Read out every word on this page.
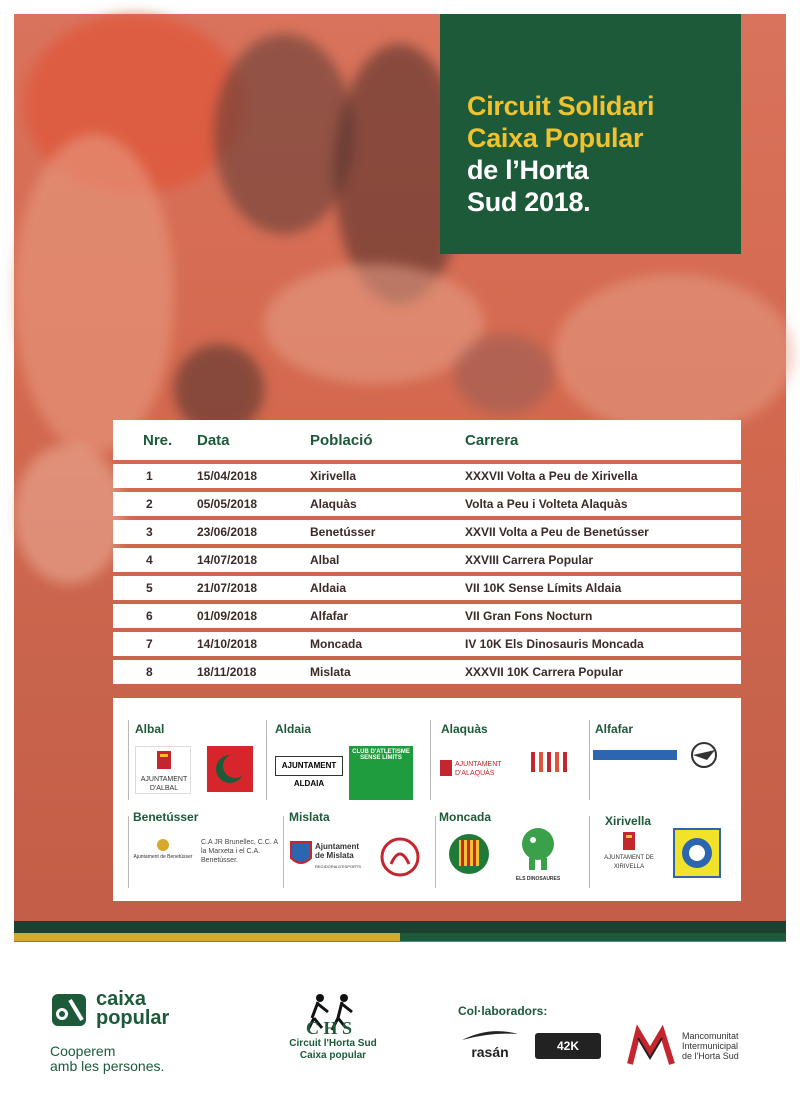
Circuit Solidari
Caixa Popular
de l’Horta
Sud 2018.
Nre.	Data	Població	Carrera
1	15/04/2018	Xirivella	XXXVII Volta a Peu de Xirivella
2	05/05/2018	Alaquàs	Volta a Peu i Volteta Alaquàs
3	23/06/2018	Benetússer	XXVII Volta a Peu de Benetússer
4	14/07/2018	Albal	XXVIII Carrera Popular
5	21/07/2018	Aldaia	VII 10K Sense Límits Aldaia
6	01/09/2018	Alfafar	VII Gran Fons Nocturn
7	14/10/2018	Moncada	IV 10K Els Dinosauris Moncada
8	18/11/2018	Mislata	XXXVII 10K Carrera Popular
Albal
AJUNTAMENT D'ALBAL
Aldaia
AJUNTAMENT ALDAIA
CLUB D'ATLETISME SENSE LÍMITS
Alaquàs
AJUNTAMENT D'ALAQUÀS
Alfafar
Benetússer
Ajuntament de Benetússer
C.A JR Brunellec, C.C. A la Marxeta i el C.A. Benetússer.
Mislata
Ajuntament de Mislata
REGIDORIA D'ESPORTS
Moncada
ELS DINOSAURES
Xirivella
AJUNTAMENT DE XIRIVELLA
caixa
popular
Cooperem
amb les persones.
C H S
Circuit l'Horta Sud
Caixa popular
Col·laboradors:
rasán	42K running
Mancomunitat
Intermunicipal
de l'Horta Sud
